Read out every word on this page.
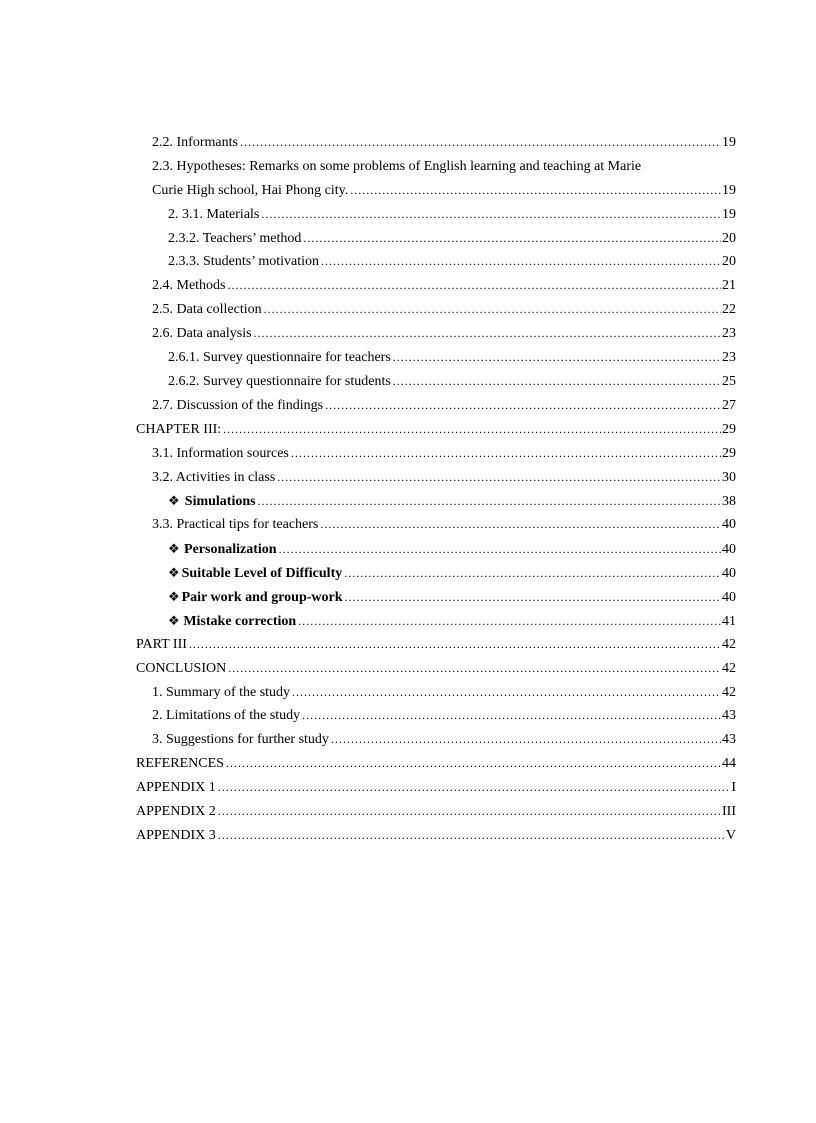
2.2. Informants .....	19
2.3. Hypotheses: Remarks on some problems of English learning and teaching at Marie
Curie High school, Hai Phong city. .....	19
2. 3.1. Materials .....	19
2.3.2. Teachers’ method .....	20
2.3.3. Students’ motivation .....	20
2.4. Methods .....	21
2.5. Data collection .....	22
2.6. Data analysis .....	23
2.6.1. Survey questionnaire for teachers .....	23
2.6.2. Survey questionnaire for students .....	25
2.7. Discussion of the findings .....	27
CHAPTER III: .....	29
3.1. Information sources .....	29
3.2. Activities in class .....	30
❖ Simulations .....	38
3.3. Practical tips for teachers .....	40
❖ Personalization .....	40
❖ Suitable Level of Difficulty .....	40
❖ Pair work and group-work .....	40
❖ Mistake correction .....	41
PART III .....	42
CONCLUSION .....	42
1. Summary of the study .....	42
2. Limitations of the study .....	43
3. Suggestions for further study .....	43
REFERENCES .....	44
APPENDIX 1 .....	I
APPENDIX 2 .....	III
APPENDIX 3 .....	V
